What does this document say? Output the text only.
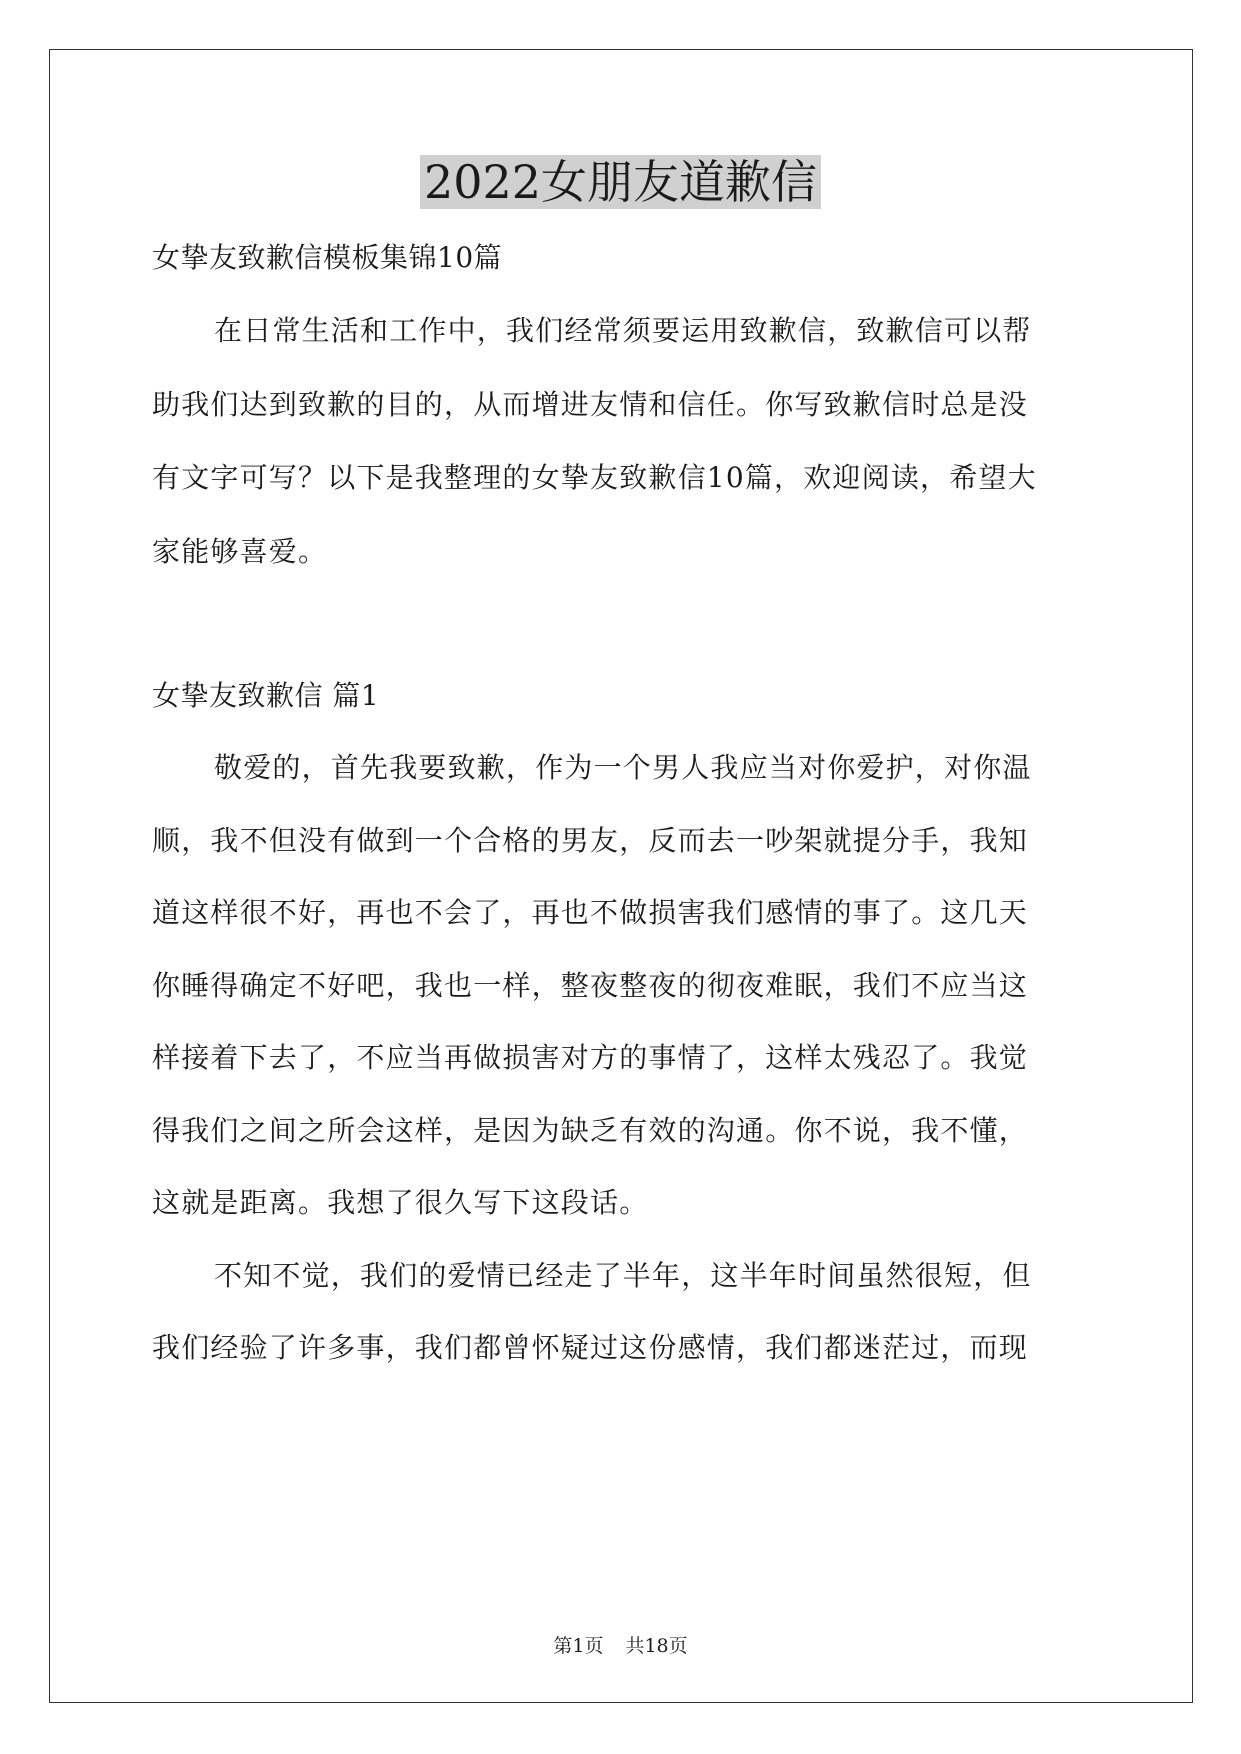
2022女朋友道歉信
女挚友致歉信模板集锦10篇
在日常生活和工作中，我们经常须要运用致歉信，致歉信可以帮
助我们达到致歉的目的，从而增进友情和信任。你写致歉信时总是没
有文字可写？以下是我整理的女挚友致歉信10篇，欢迎阅读，希望大
家能够喜爱。
女挚友致歉信 篇1
敬爱的，首先我要致歉，作为一个男人我应当对你爱护，对你温
顺，我不但没有做到一个合格的男友，反而去一吵架就提分手，我知
道这样很不好，再也不会了，再也不做损害我们感情的事了。这几天
你睡得确定不好吧，我也一样，整夜整夜的彻夜难眠，我们不应当这
样接着下去了，不应当再做损害对方的事情了，这样太残忍了。我觉
得我们之间之所会这样，是因为缺乏有效的沟通。你不说，我不懂，
这就是距离。我想了很久写下这段话。
不知不觉，我们的爱情已经走了半年，这半年时间虽然很短，但
我们经验了许多事，我们都曾怀疑过这份感情，我们都迷茫过，而现
第1页 共18页
